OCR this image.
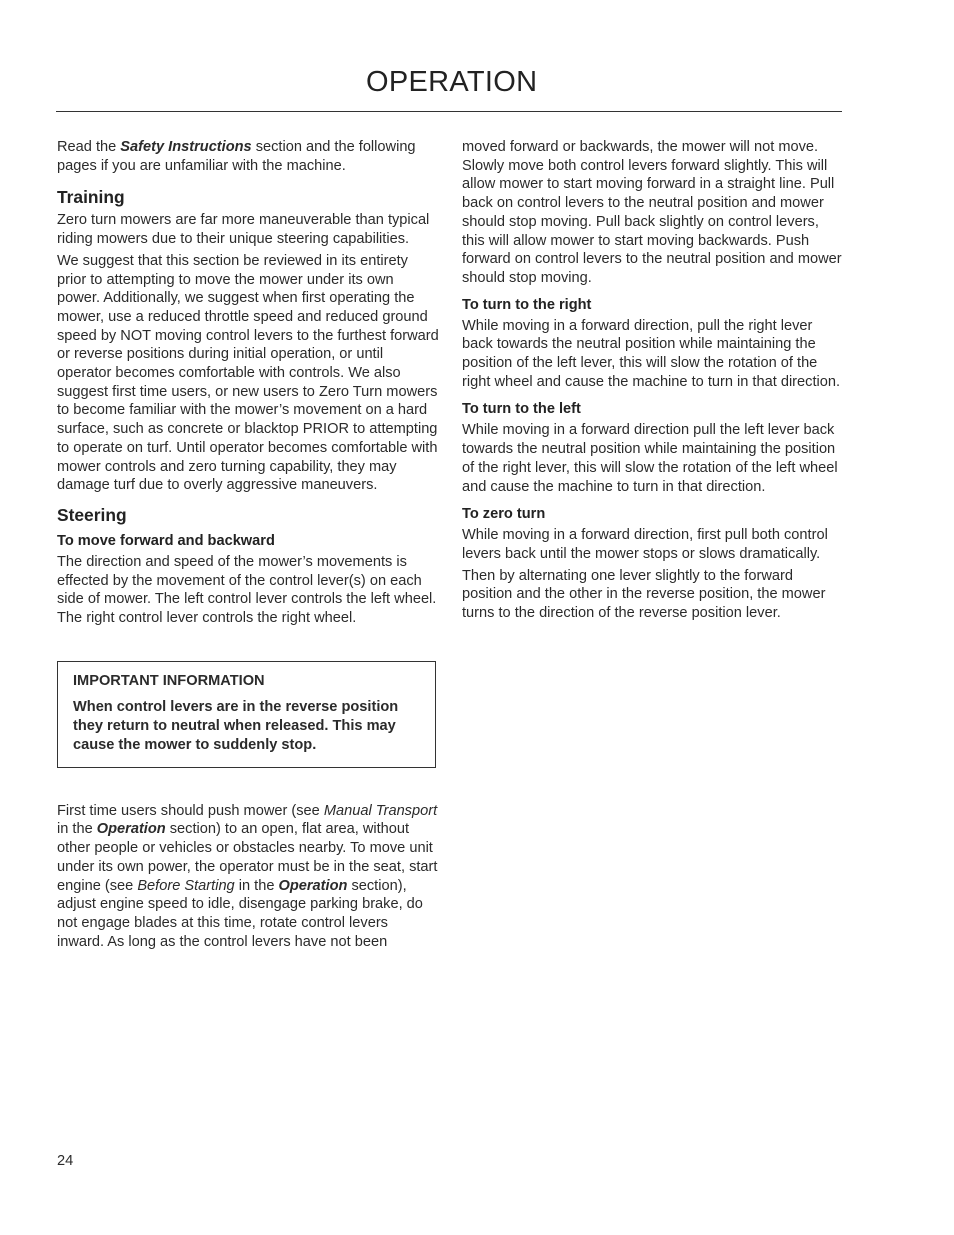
OPERATION

Read the Safety Instructions section and the following pages if you are unfamiliar with the machine.

Training

Zero turn mowers are far more maneuverable than typical riding mowers due to their unique steering capabilities.

We suggest that this section be reviewed in its entirety prior to attempting to move the mower under its own power. Additionally, we suggest when first operating the mower, use a reduced throttle speed and reduced ground speed by NOT moving control levers to the furthest forward or reverse positions during initial operation, or until operator becomes comfortable with controls. We also suggest first time users, or new users to Zero Turn mowers to become familiar with the mower’s movement on a hard surface, such as concrete or blacktop PRIOR to attempting to operate on turf. Until operator becomes comfortable with mower controls and zero turning capability, they may damage turf due to overly aggressive maneuvers.

Steering
To move forward and backward

The direction and speed of the mower’s movements is effected by the movement of the control lever(s) on each side of mower. The left control lever controls the left wheel. The right control lever controls the right wheel.

IMPORTANT INFORMATION
When control levers are in the reverse position they return to neutral when released. This may cause the mower to suddenly stop.

First time users should push mower (see Manual Transport in the Operation section) to an open, flat area, without other people or vehicles or obstacles nearby. To move unit under its own power, the operator must be in the seat, start engine (see Before Starting in the Operation section), adjust engine speed to idle, disengage parking brake, do not engage blades at this time, rotate control levers inward. As long as the control levers have not been

moved forward or backwards, the mower will not move. Slowly move both control levers forward slightly. This will allow mower to start moving forward in a straight line. Pull back on control levers to the neutral position and mower should stop moving. Pull back slightly on control levers, this will allow mower to start moving backwards. Push forward on control levers to the neutral position and mower should stop moving.

To turn to the right

While moving in a forward direction, pull the right lever back towards the neutral position while maintaining the position of the left lever, this will slow the rotation of the right wheel and cause the machine to turn in that direction.

To turn to the left

While moving in a forward direction pull the left lever back towards the neutral position while maintaining the position of the right lever, this will slow the rotation of the left wheel and cause the machine to turn in that direction.

To zero turn

While moving in a forward direction, first pull both control levers back until the mower stops or slows dramatically.

Then by alternating one lever slightly to the forward position and the other in the reverse position, the mower turns to the direction of the reverse position lever.

24
